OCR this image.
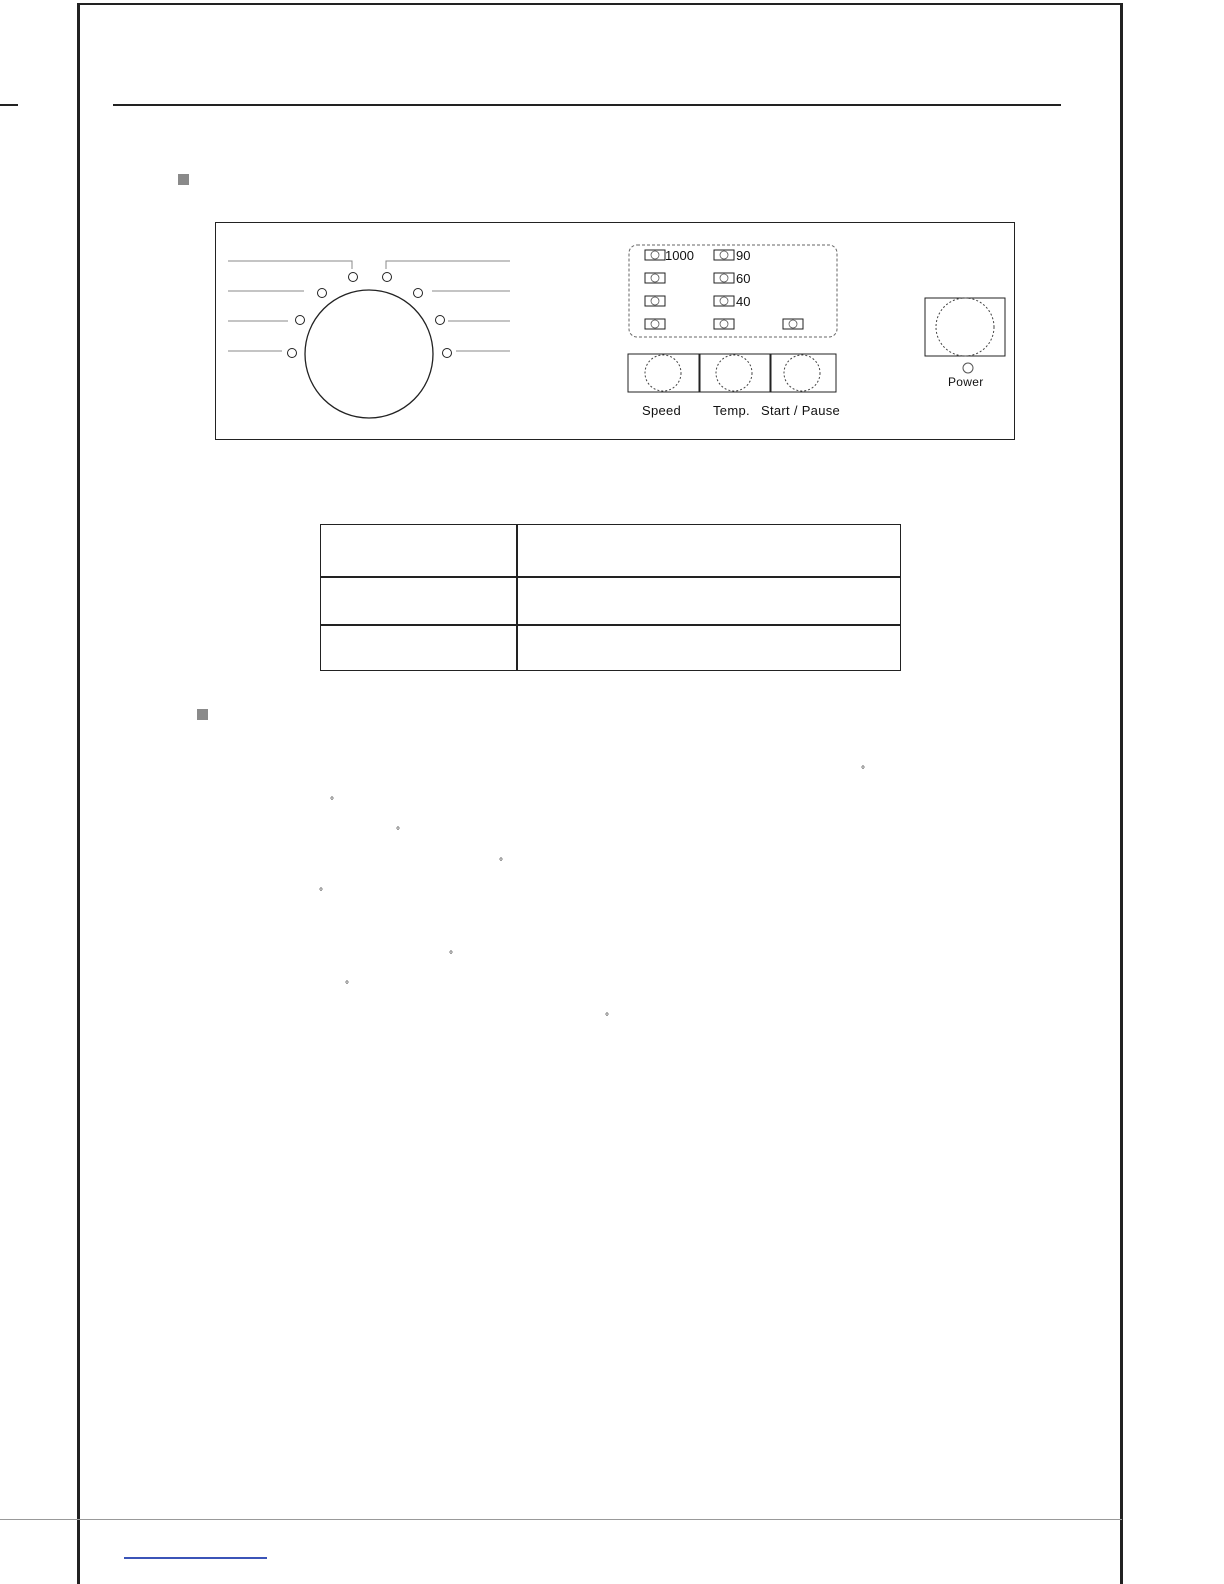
1000	90
60
40
Speed Temp. Start / Pause
Power
°
°
°
°
°
°
°
°
